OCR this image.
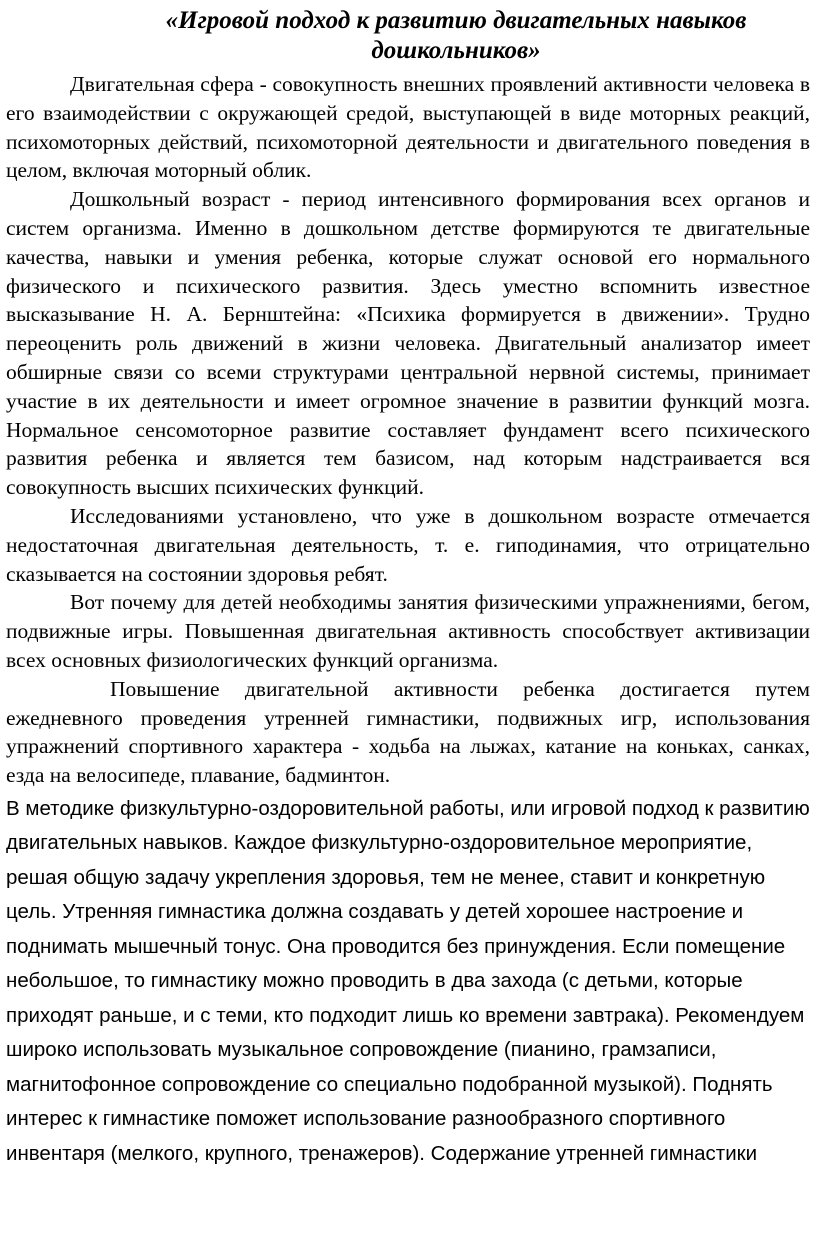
«Игровой подход к развитию двигательных навыков дошкольников»

Двигательная сфера - совокупность внешних проявлений активности человека в его взаимодействии с окружающей средой, выступающей в виде моторных реакций, психомоторных действий, психомоторной деятельности и двигательного поведения в целом, включая моторный облик.

Дошкольный возраст - период интенсивного формирования всех органов и систем организма. Именно в дошкольном детстве формируются те двигательные качества, навыки и умения ребенка, которые служат основой его нормального физического и психического развития. Здесь уместно вспомнить известное высказывание Н. А. Бернштейна: «Психика формируется в движении». Трудно переоценить роль движений в жизни человека. Двигательный анализатор имеет обширные связи со всеми структурами центральной нервной системы, принимает участие в их деятельности и имеет огромное значение в развитии функций мозга. Нормальное сенсомоторное развитие составляет фундамент всего психического развития ребенка и является тем базисом, над которым надстраивается вся совокупность высших психических функций.

Исследованиями установлено, что уже в дошкольном возрасте отмечается недостаточная двигательная деятельность, т. е. гиподинамия, что отрицательно сказывается на состоянии здоровья ребят.

Вот почему для детей необходимы занятия физическими упражнениями, бегом, подвижные игры. Повышенная двигательная активность способствует активизации всех основных физиологических функций организма.

Повышение двигательной активности ребенка достигается путем ежедневного проведения утренней гимнастики, подвижных игр, использования упражнений спортивного характера - ходьба на лыжах, катание на коньках, санках, езда на велосипеде, плавание, бадминтон.

В методике физкультурно-оздоровительной работы, или игровой подход к развитию двигательных навыков. Каждое физкультурно-оздоровительное мероприятие, решая общую задачу укрепления здоровья, тем не менее, ставит и конкретную цель. Утренняя гимнастика должна создавать у детей хорошее настроение и поднимать мышечный тонус. Она проводится без принуждения. Если помещение небольшое, то гимнастику можно проводить в два захода (с детьми, которые приходят раньше, и с теми, кто подходит лишь ко времени завтрака). Рекомендуем широко использовать музыкальное сопровождение (пианино, грамзаписи, магнитофонное сопровождение со специально подобранной музыкой). Поднять интерес к гимнастике поможет использование разнообразного спортивного инвентаря (мелкого, крупного, тренажеров). Содержание утренней гимнастики
